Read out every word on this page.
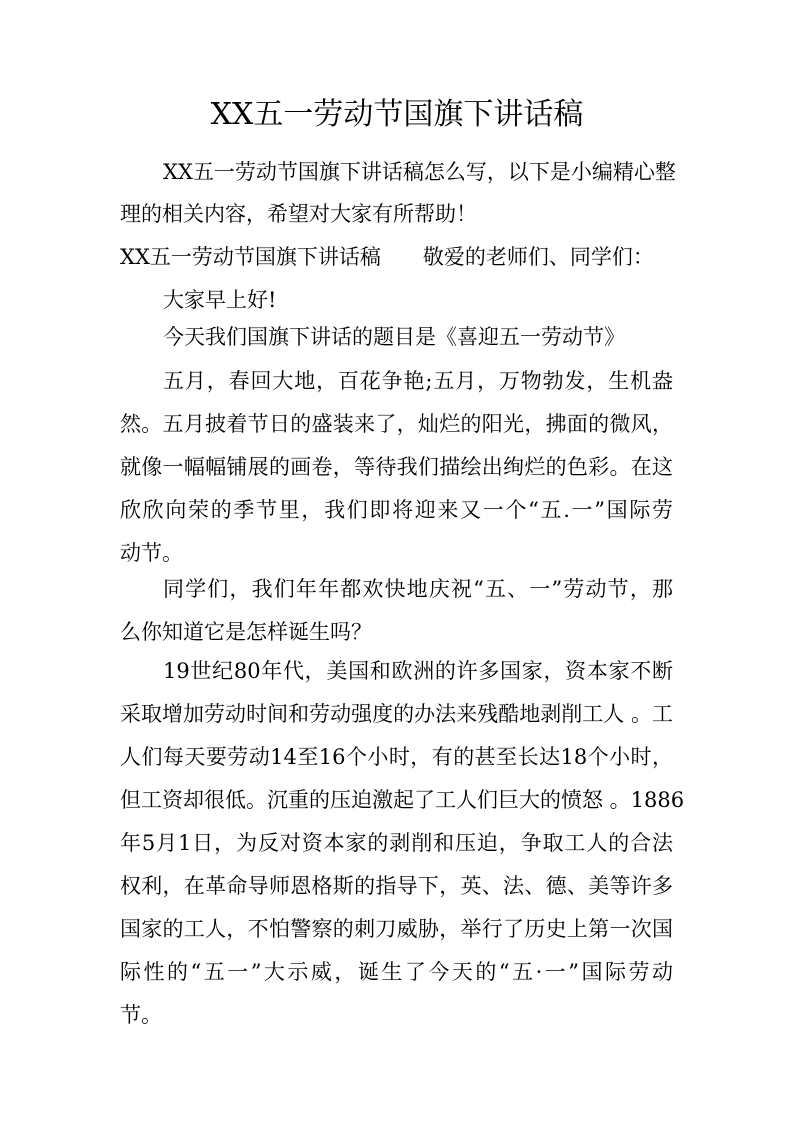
XX五一劳动节国旗下讲话稿

XX五一劳动节国旗下讲话稿怎么写，以下是小编精心整

理的相关内容，希望对大家有所帮助！

XX五一劳动节国旗下讲话稿　　敬爱的老师们、同学们：

大家早上好!

今天我们国旗下讲话的题目是《喜迎五一劳动节》

五月，春回大地，百花争艳;五月，万物勃发，生机盎

然。五月披着节日的盛装来了，灿烂的阳光，拂面的微风，

就像一幅幅铺展的画卷，等待我们描绘出绚烂的色彩。在这

欣欣向荣的季节里，我们即将迎来又一个“五.一”国际劳

动节。

同学们，我们年年都欢快地庆祝“五、一”劳动节，那

么你知道它是怎样诞生吗？

19世纪80年代，美国和欧洲的许多国家，资本家不断

采取增加劳动时间和劳动强度的办法来残酷地剥削工人 。工

人们每天要劳动14至16个小时，有的甚至长达18个小时，

但工资却很低。沉重的压迫激起了工人们巨大的愤怒 。1886

年5月1日，为反对资本家的剥削和压迫，争取工人的合法

权利，在革命导师恩格斯的指导下，英、法、德、美等许多

国家的工人，不怕警察的刺刀威胁，举行了历史上第一次国

际性的“五一”大示威，诞生了今天的“五·一”国际劳动

节。
